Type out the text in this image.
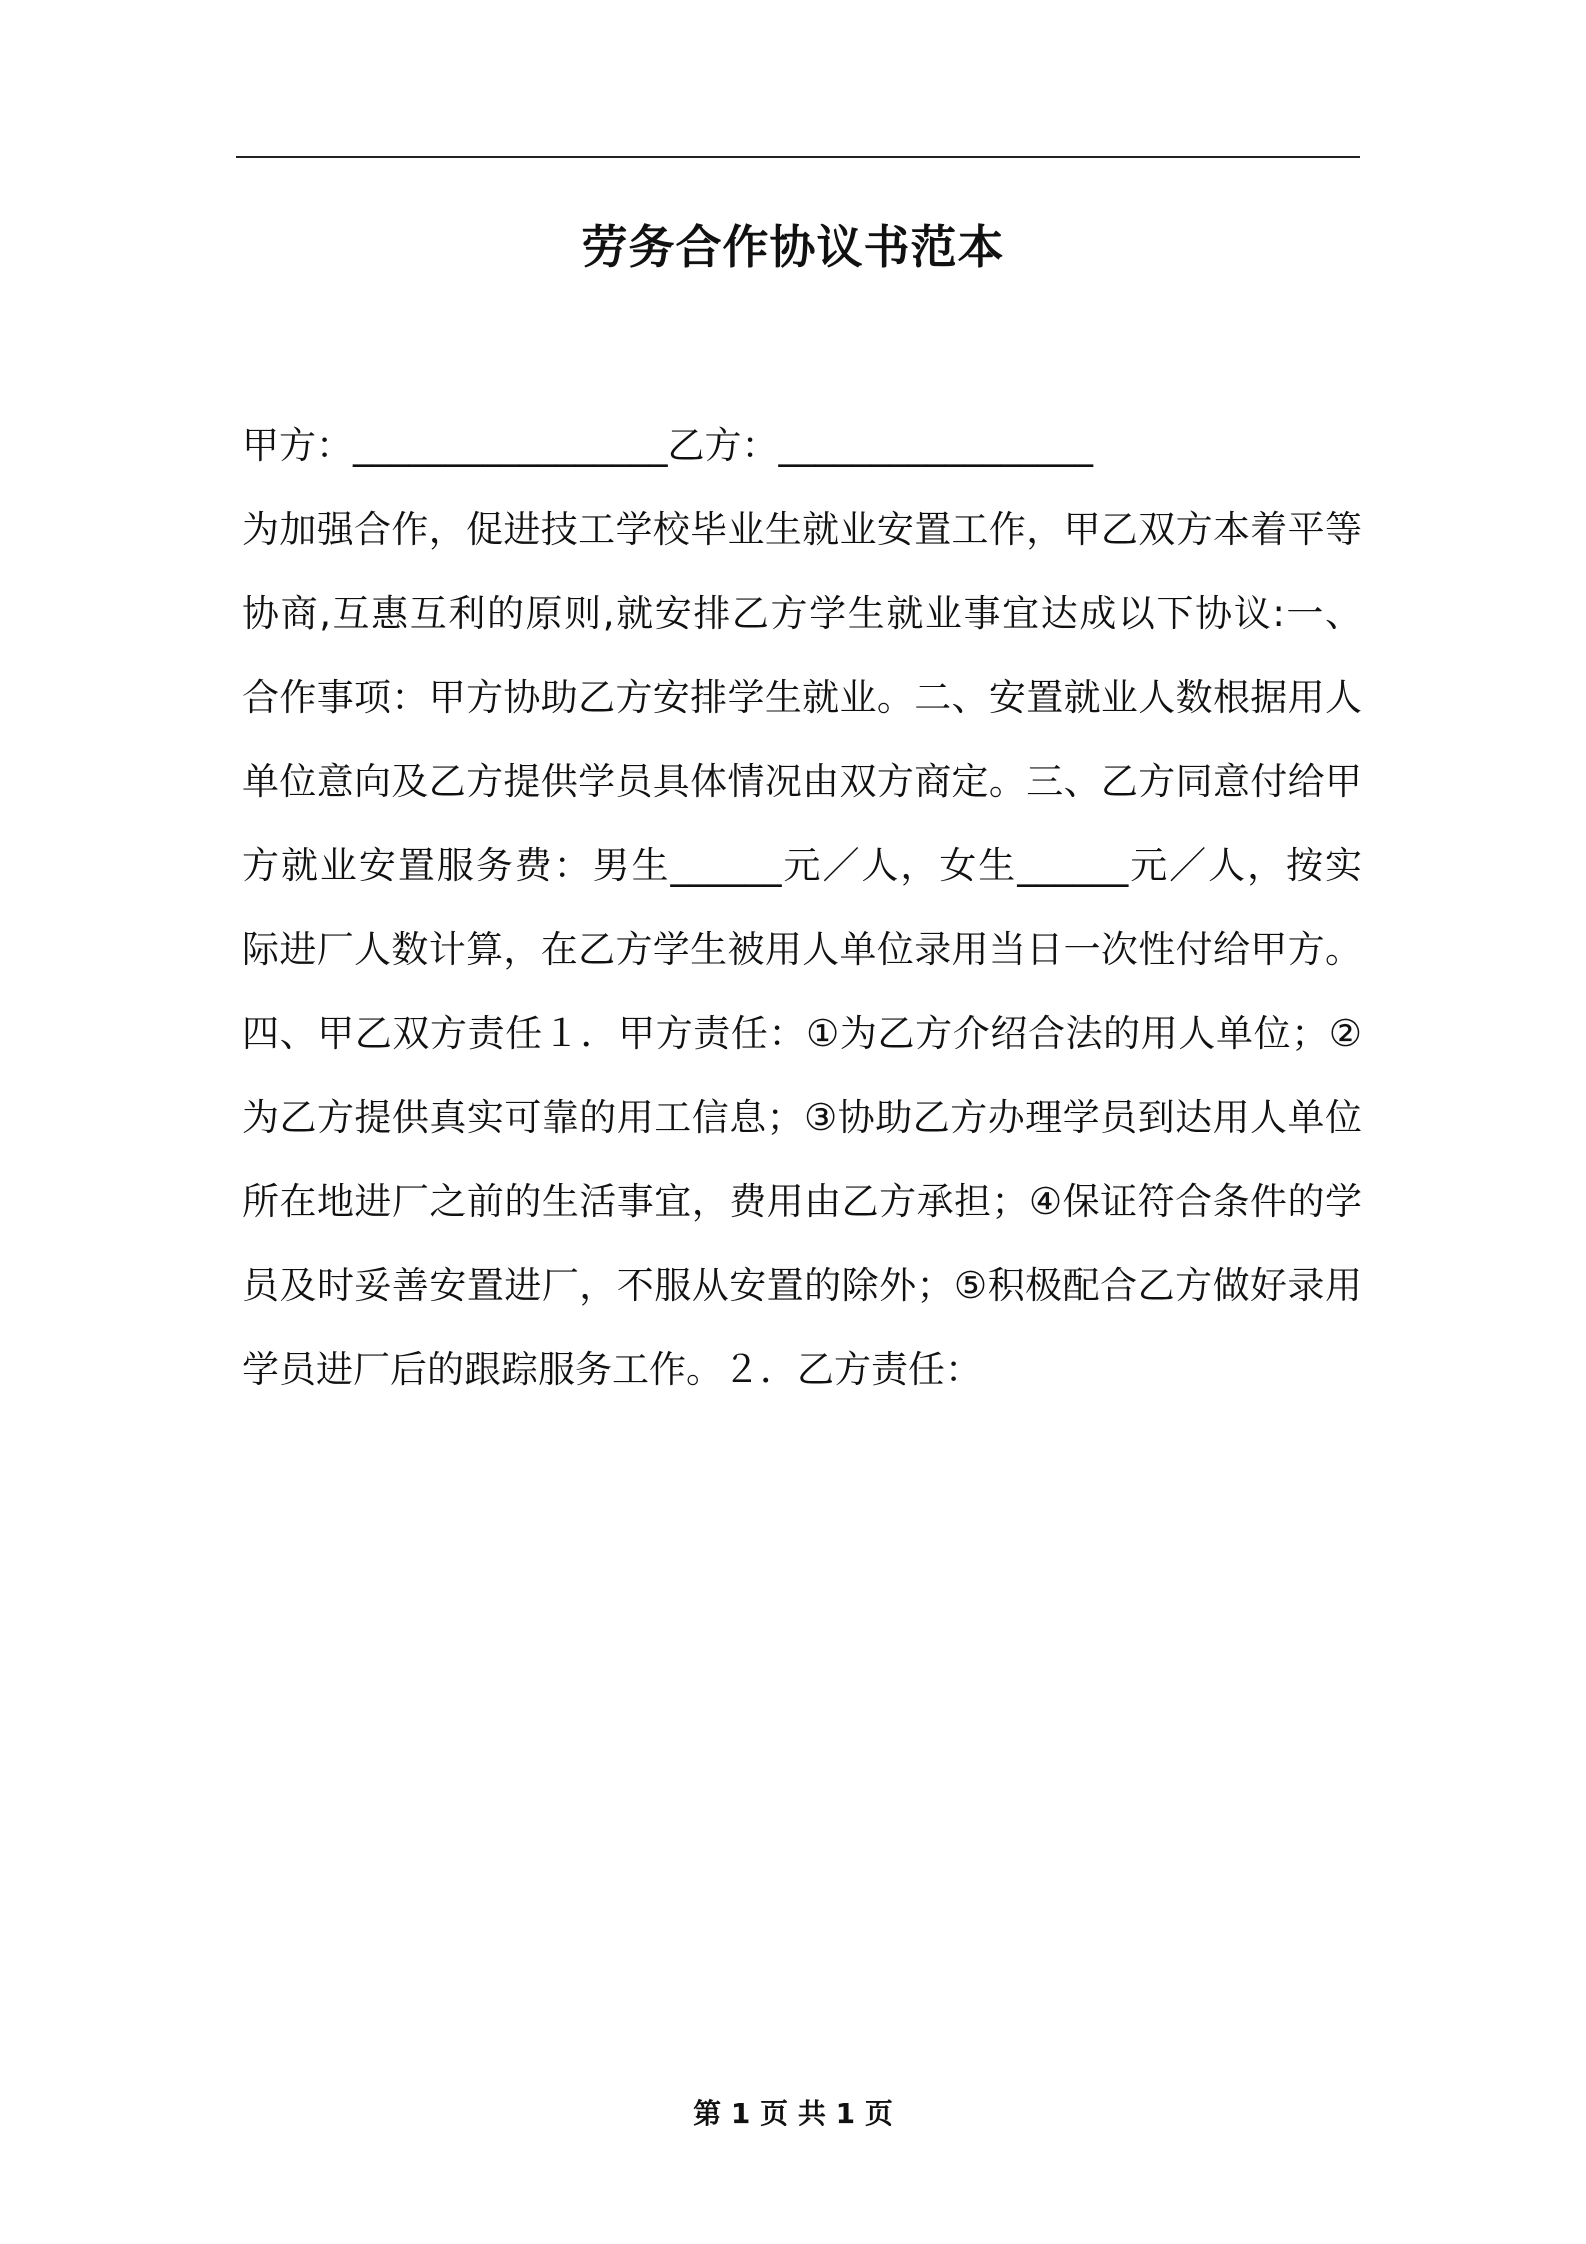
劳务合作协议书范本
甲方：_________________乙方：_________________
为加强合作，促进技工学校毕业生就业安置工作，甲乙双方本着平等
协商,互惠互利的原则,就安排乙方学生就业事宜达成以下协议:一、
合作事项：甲方协助乙方安排学生就业。二、安置就业人数根据用人
单位意向及乙方提供学员具体情况由双方商定。三、乙方同意付给甲
方就业安置服务费：男生______元／人，女生______元／人，按实
际进厂人数计算，在乙方学生被用人单位录用当日一次性付给甲方。
四、甲乙双方责任１．甲方责任：①为乙方介绍合法的用人单位；②
为乙方提供真实可靠的用工信息；③协助乙方办理学员到达用人单位
所在地进厂之前的生活事宜，费用由乙方承担；④保证符合条件的学
员及时妥善安置进厂，不服从安置的除外；⑤积极配合乙方做好录用
学员进厂后的跟踪服务工作。２．乙方责任：
第 1 页 共 1 页
